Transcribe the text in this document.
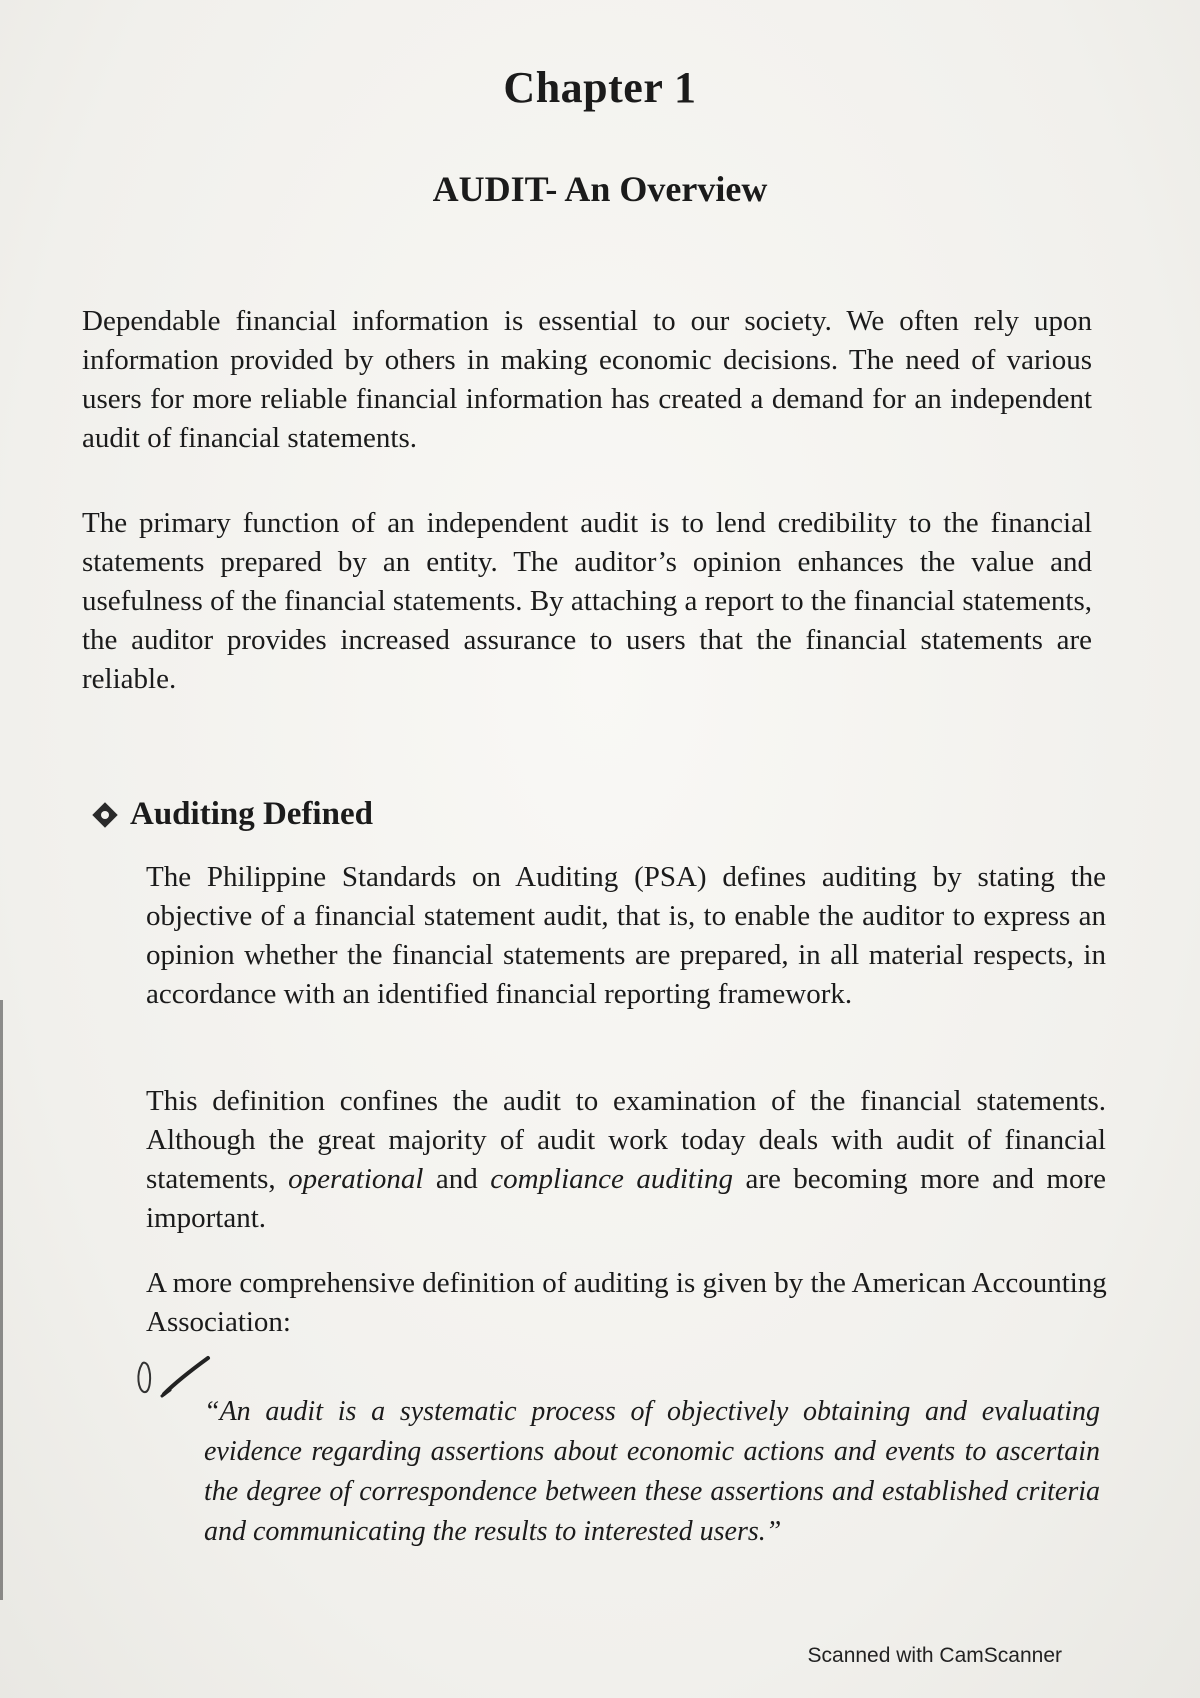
Chapter 1
AUDIT- An Overview

Dependable financial information is essential to our society. We often rely upon information provided by others in making economic decisions. The need of various users for more reliable financial information has created a demand for an independent audit of financial statements.

The primary function of an independent audit is to lend credibility to the financial statements prepared by an entity. The auditor’s opinion enhances the value and usefulness of the financial statements. By attaching a report to the financial statements, the auditor provides increased assurance to users that the financial statements are reliable.

Auditing Defined

The Philippine Standards on Auditing (PSA) defines auditing by stating the objective of a financial statement audit, that is, to enable the auditor to express an opinion whether the financial statements are prepared, in all material respects, in accordance with an identified financial reporting framework.

This definition confines the audit to examination of the financial statements. Although the great majority of audit work today deals with audit of financial statements, operational and compliance auditing are becoming more and more important.

A more comprehensive definition of auditing is given by the American Accounting Association:

“An audit is a systematic process of objectively obtaining and evaluating evidence regarding assertions about economic actions and events to ascertain the degree of correspondence between these assertions and established criteria and communicating the results to interested users.”
Scanned with CamScanner
